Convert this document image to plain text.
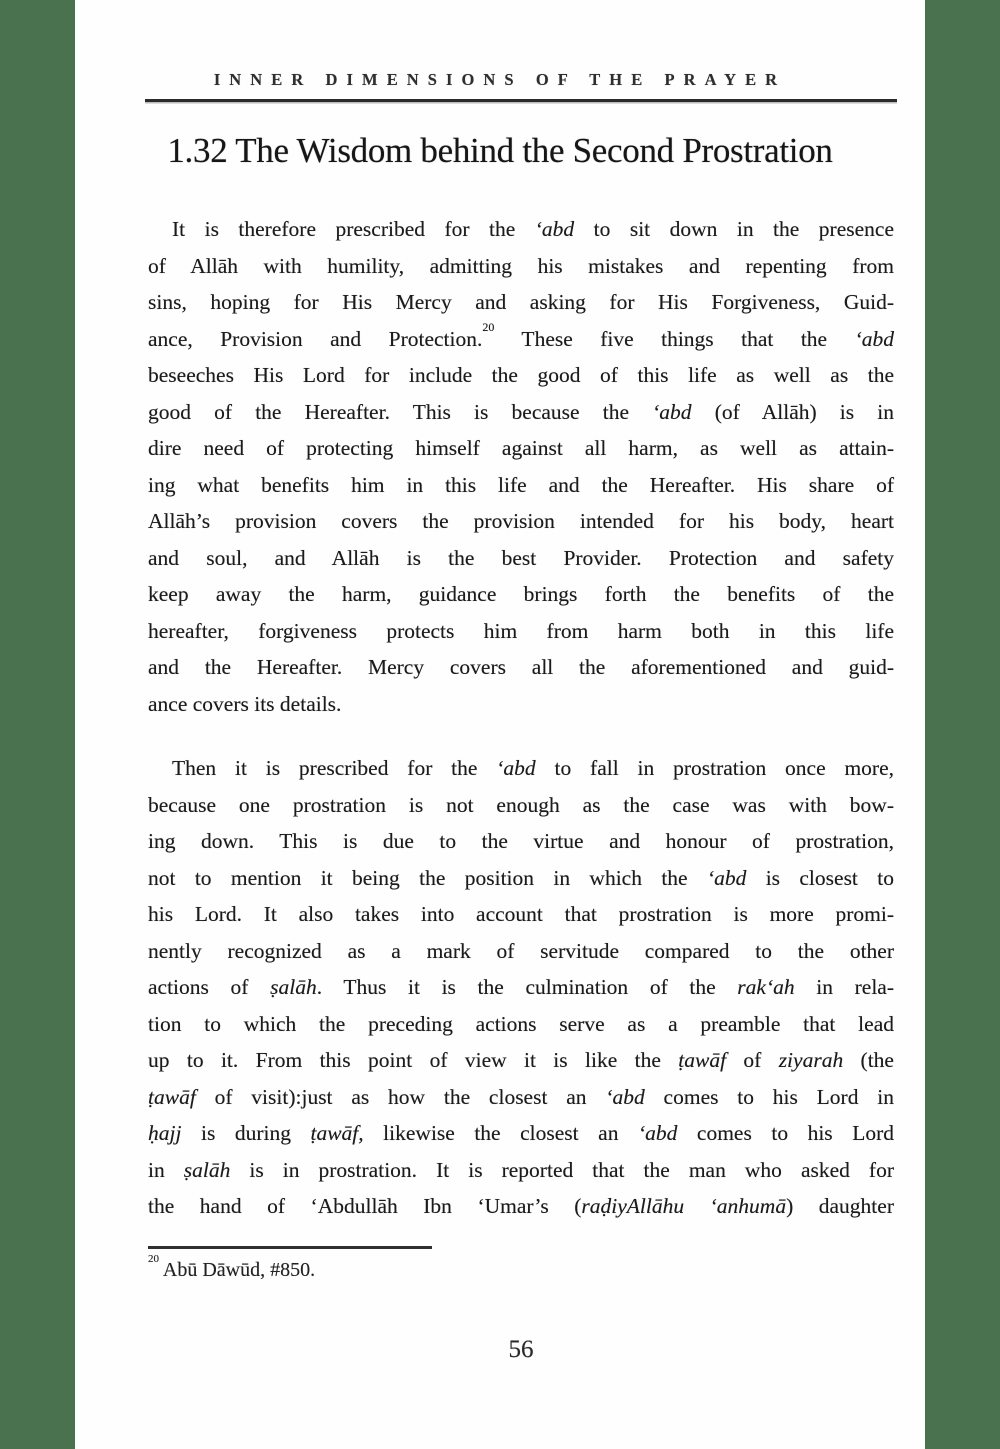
INNER DIMENSIONS OF THE PRAYER
1.32 The Wisdom behind the Second Prostration
It is therefore prescribed for the ‘abd to sit down in the presence
of Allāh with humility, admitting his mistakes and repenting from
sins, hoping for His Mercy and asking for His Forgiveness, Guid-
ance, Provision and Protection.$^{20}$ These five things that the ‘abd
beseeches His Lord for include the good of this life as well as the
good of the Hereafter. This is because the ‘abd (of Allāh) is in
dire need of protecting himself against all harm, as well as attain-
ing what benefits him in this life and the Hereafter. His share of
Allāh’s provision covers the provision intended for his body, heart
and soul, and Allāh is the best Provider. Protection and safety
keep away the harm, guidance brings forth the benefits of the
hereafter, forgiveness protects him from harm both in this life
and the Hereafter. Mercy covers all the aforementioned and guid-
ance covers its details.
Then it is prescribed for the ‘abd to fall in prostration once more,
because one prostration is not enough as the case was with bow-
ing down. This is due to the virtue and honour of prostration,
not to mention it being the position in which the ‘abd is closest to
his Lord. It also takes into account that prostration is more promi-
nently recognized as a mark of servitude compared to the other
actions of ṣalāh. Thus it is the culmination of the rak‘ah in rela-
tion to which the preceding actions serve as a preamble that lead
up to it. From this point of view it is like the ṭawāf of ziyarah (the
ṭawāf of visit):just as how the closest an ‘abd comes to his Lord in
ḥajj is during ṭawāf, likewise the closest an ‘abd comes to his Lord
in ṣalāh is in prostration. It is reported that the man who asked for
the hand of ‘Abdullāh Ibn ‘Umar’s (raḍiyAllāhu ‘anhumā) daughter
$^{20}$ Abū Dāwūd, #850.
56
